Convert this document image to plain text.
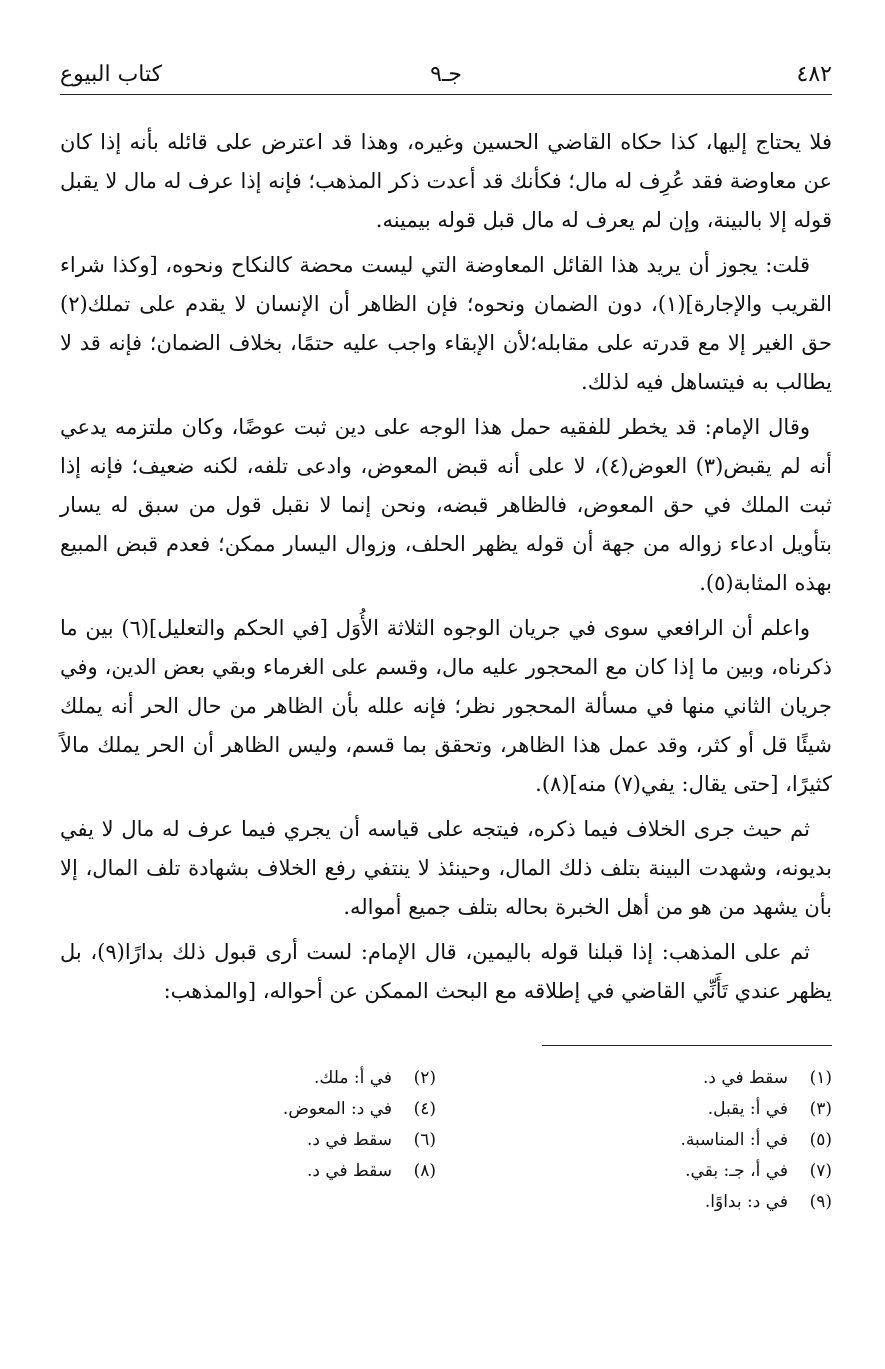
٤٨٢
جـ٩
كتاب البيوع

فلا يحتاج إليها، كذا حكاه القاضي الحسين وغيره، وهذا قد اعترض على قائله بأنه إذا كان عن معاوضة فقد عُرِف له مال؛ فكأنك قد أعدت ذكر المذهب؛ فإنه إذا عرف له مال لا يقبل قوله إلا بالبينة، وإن لم يعرف له مال قبل قوله بيمينه.

قلت: يجوز أن يريد هذا القائل المعاوضة التي ليست محضة كالنكاح ونحوه، [وكذا شراء القريب والإجارة](١)، دون الضمان ونحوه؛ فإن الظاهر أن الإنسان لا يقدم على تملك(٢) حق الغير إلا مع قدرته على مقابله؛لأن الإبقاء واجب عليه حتمًا، بخلاف الضمان؛ فإنه قد لا يطالب به فيتساهل فيه لذلك.

وقال الإمام: قد يخطر للفقيه حمل هذا الوجه على دين ثبت عوضًا، وكان ملتزمه يدعي أنه لم يقبض(٣) العوض(٤)، لا على أنه قبض المعوض، وادعى تلفه، لكنه ضعيف؛ فإنه إذا ثبت الملك في حق المعوض، فالظاهر قبضه، ونحن إنما لا نقبل قول من سبق له يسار بتأويل ادعاء زواله من جهة أن قوله يظهر الحلف، وزوال اليسار ممكن؛ فعدم قبض المبيع بهذه المثابة(٥).

واعلم أن الرافعي سوى في جريان الوجوه الثلاثة الأُوَل [في الحكم والتعليل](٦) بين ما ذكرناه، وبين ما إذا كان مع المحجور عليه مال، وقسم على الغرماء وبقي بعض الدين، وفي جريان الثاني منها في مسألة المحجور نظر؛ فإنه علله بأن الظاهر من حال الحر أنه يملك شيئًا قل أو كثر، وقد عمل هذا الظاهر، وتحقق بما قسم، وليس الظاهر أن الحر يملك مالاً كثيرًا، [حتى يقال: يفي(٧) منه](٨).

ثم حيث جرى الخلاف فيما ذكره، فيتجه على قياسه أن يجري فيما عرف له مال لا يفي بديونه، وشهدت البينة بتلف ذلك المال، وحينئذ لا ينتفي رفع الخلاف بشهادة تلف المال، إلا بأن يشهد من هو من أهل الخبرة بحاله بتلف جميع أمواله.

ثم على المذهب: إذا قبلنا قوله باليمين، قال الإمام: لست أرى قبول ذلك بدارًا(٩)، بل يظهر عندي تَأَنِّي القاضي في إطلاقه مع البحث الممكن عن أحواله، [والمذهب:

(١)
سقط في د.
(٢)
في أ: ملك.
(٣)
في أ: يقبل.
(٤)
في د: المعوض.
(٥)
في أ: المناسبة.
(٦)
سقط في د.
(٧)
في أ، جـ: بقي.
(٨)
سقط في د.
(٩)
في د: بداوًا.
